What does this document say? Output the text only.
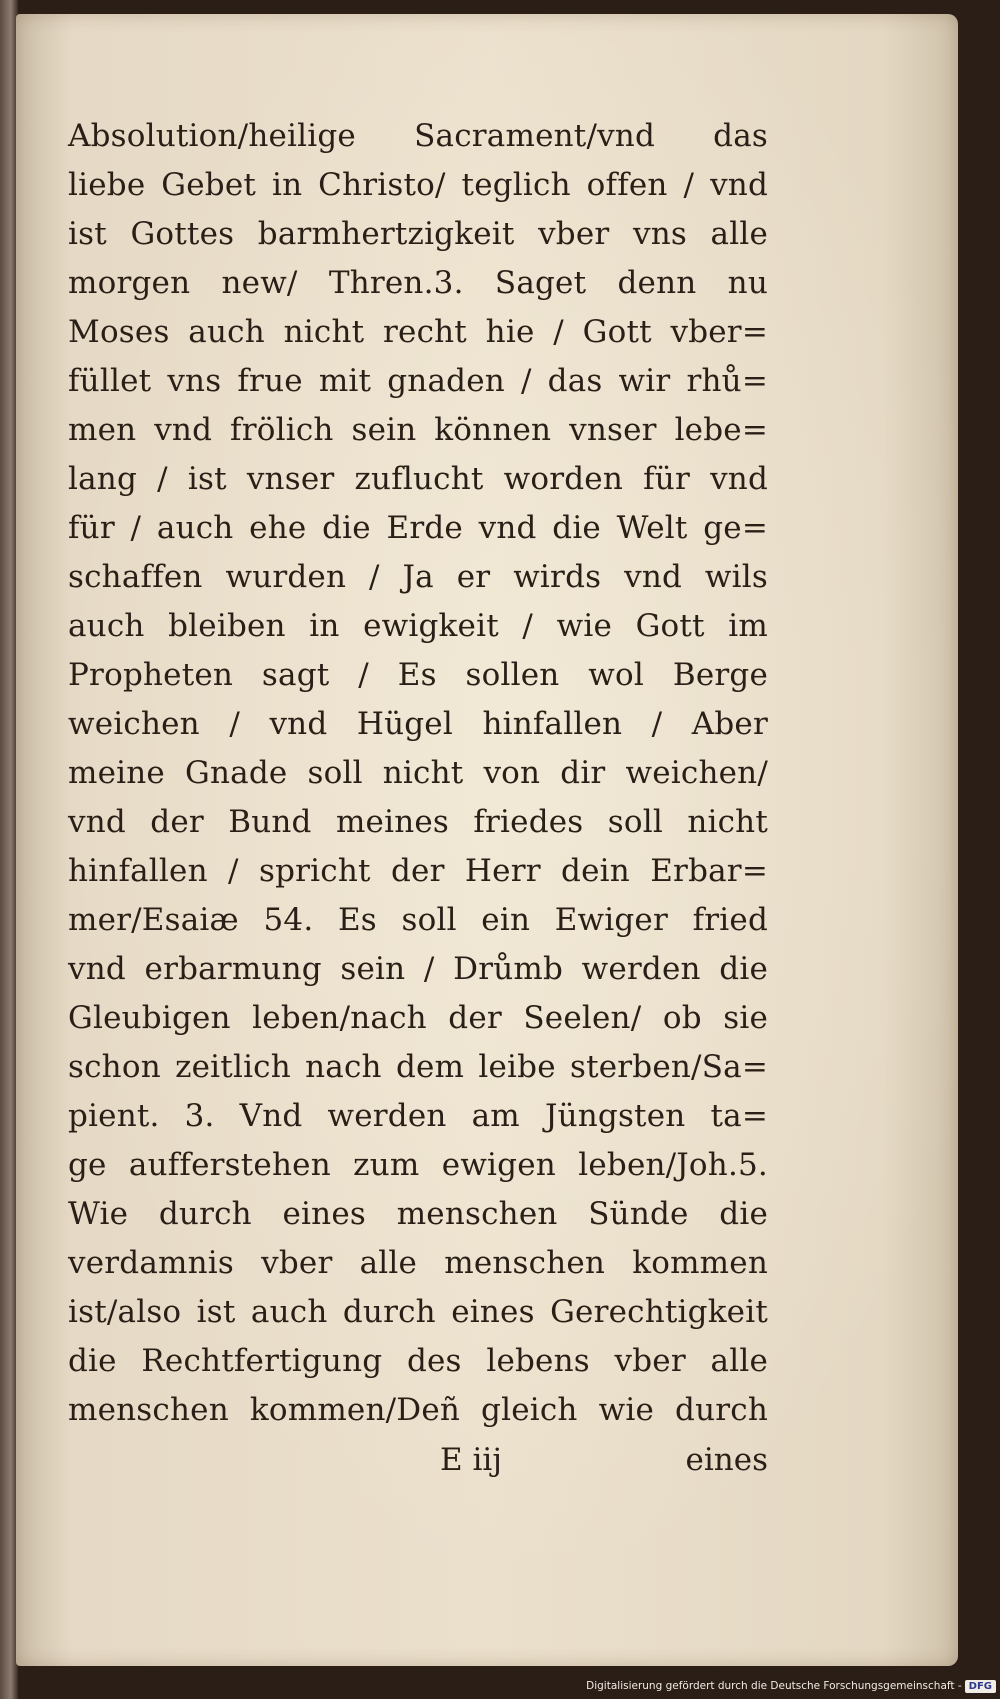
Absolution/heilige Sacrament/vnd das
liebe Gebet in Christo/ teglich offen / vnd
ist Gottes barmhertzigkeit vber vns alle
morgen new/ Thren.3. Saget denn nu
Moses auch nicht recht hie / Gott vber=
füllet vns frue mit gnaden / das wir rhů=
men vnd frölich sein können vnser lebe=
lang / ist vnser zuflucht worden für vnd
für / auch ehe die Erde vnd die Welt ge=
schaffen wurden / Ja er wirds vnd wils
auch bleiben in ewigkeit / wie Gott im
Propheten sagt / Es sollen wol Berge
weichen / vnd Hügel hinfallen / Aber
meine Gnade soll nicht von dir weichen/
vnd der Bund meines friedes soll nicht
hinfallen / spricht der Herr dein Erbar=
mer/Esaiæ 54. Es soll ein Ewiger fried
vnd erbarmung sein / Drůmb werden die
Gleubigen leben/nach der Seelen/ ob sie
schon zeitlich nach dem leibe sterben/Sa=
pient. 3. Vnd werden am Jüngsten ta=
ge aufferstehen zum ewigen leben/Joh.5.
Wie durch eines menschen Sünde die
verdamnis vber alle menschen kommen
ist/also ist auch durch eines Gerechtigkeit
die Rechtfertigung des lebens vber alle
menschen kommen/Deñ gleich wie durch
E iij	eines
Digitalisierung gefördert durch die Deutsche Forschungsgemeinschaft - DFG
